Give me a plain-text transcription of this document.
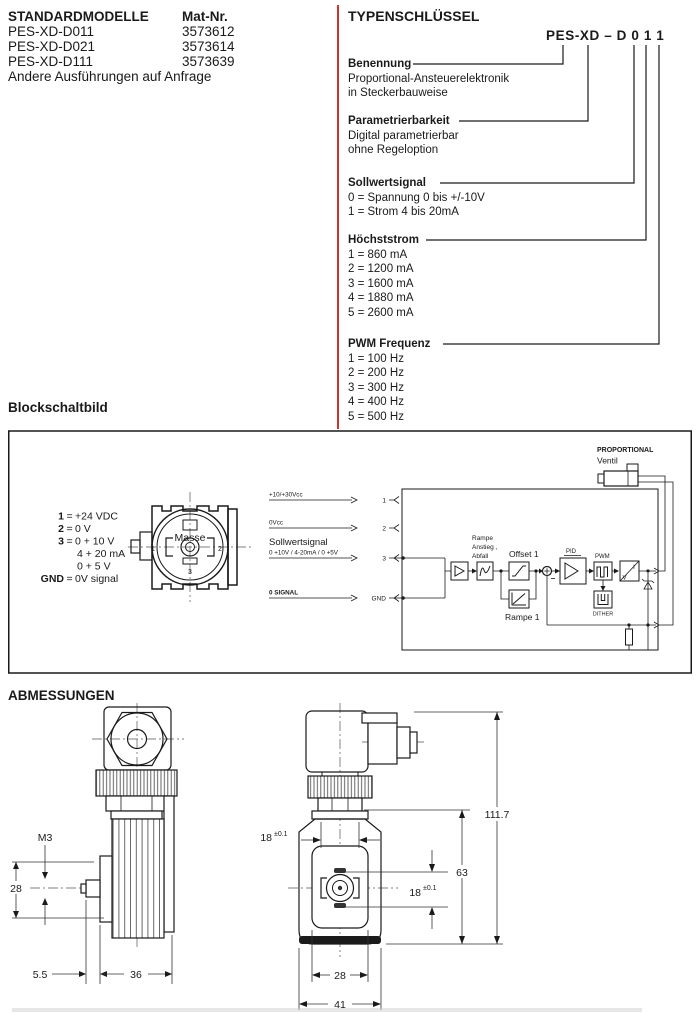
STANDARDMODELLE	Mat-Nr.
PES-XD-D011	3573612
PES-XD-D021	3573614
PES-XD-D111	3573639
Andere Ausführungen auf Anfrage
TYPENSCHLÜSSEL
PES-XD – D 0 1 1
Benennung
Proportional-Ansteuerelektronik
in Steckerbauweise
Parametrierbarkeit
Digital parametrierbar
ohne Regeloption
Sollwertsignal
0 = Spannung 0 bis +/-10V
1 = Strom 4 bis 20mA
Höchststrom
1 = 860 mA
2 = 1200 mA
3 = 1600 mA
4 = 1880 mA
5 = 2600 mA
PWM Frequenz
1 = 100 Hz
2 = 200 Hz
3 = 300 Hz
4 = 400 Hz
5 = 500 Hz
Blockschaltbild
1 = +24 VDC
2 = 0 V
3 = 0 + 10 V
4 + 20 mA
0 + 5 V
GND = 0V signal
Masse
1	2
3
+10/+30Vcc
1
0Vcc
2
Sollwertsignal
0 +10V / 4-20mA / 0 +5V
3
0 SIGNAL
GND
Rampe
Anstieg ,
Abfall Offset 1
Rampe 1
PID
PWM
I
V
DITHER
PROPORTIONAL
Ventil
ABMESSUNGEN
M3
28
5.5	36
18 ±0.1
111.7
63
18 ±0.1
28
41
